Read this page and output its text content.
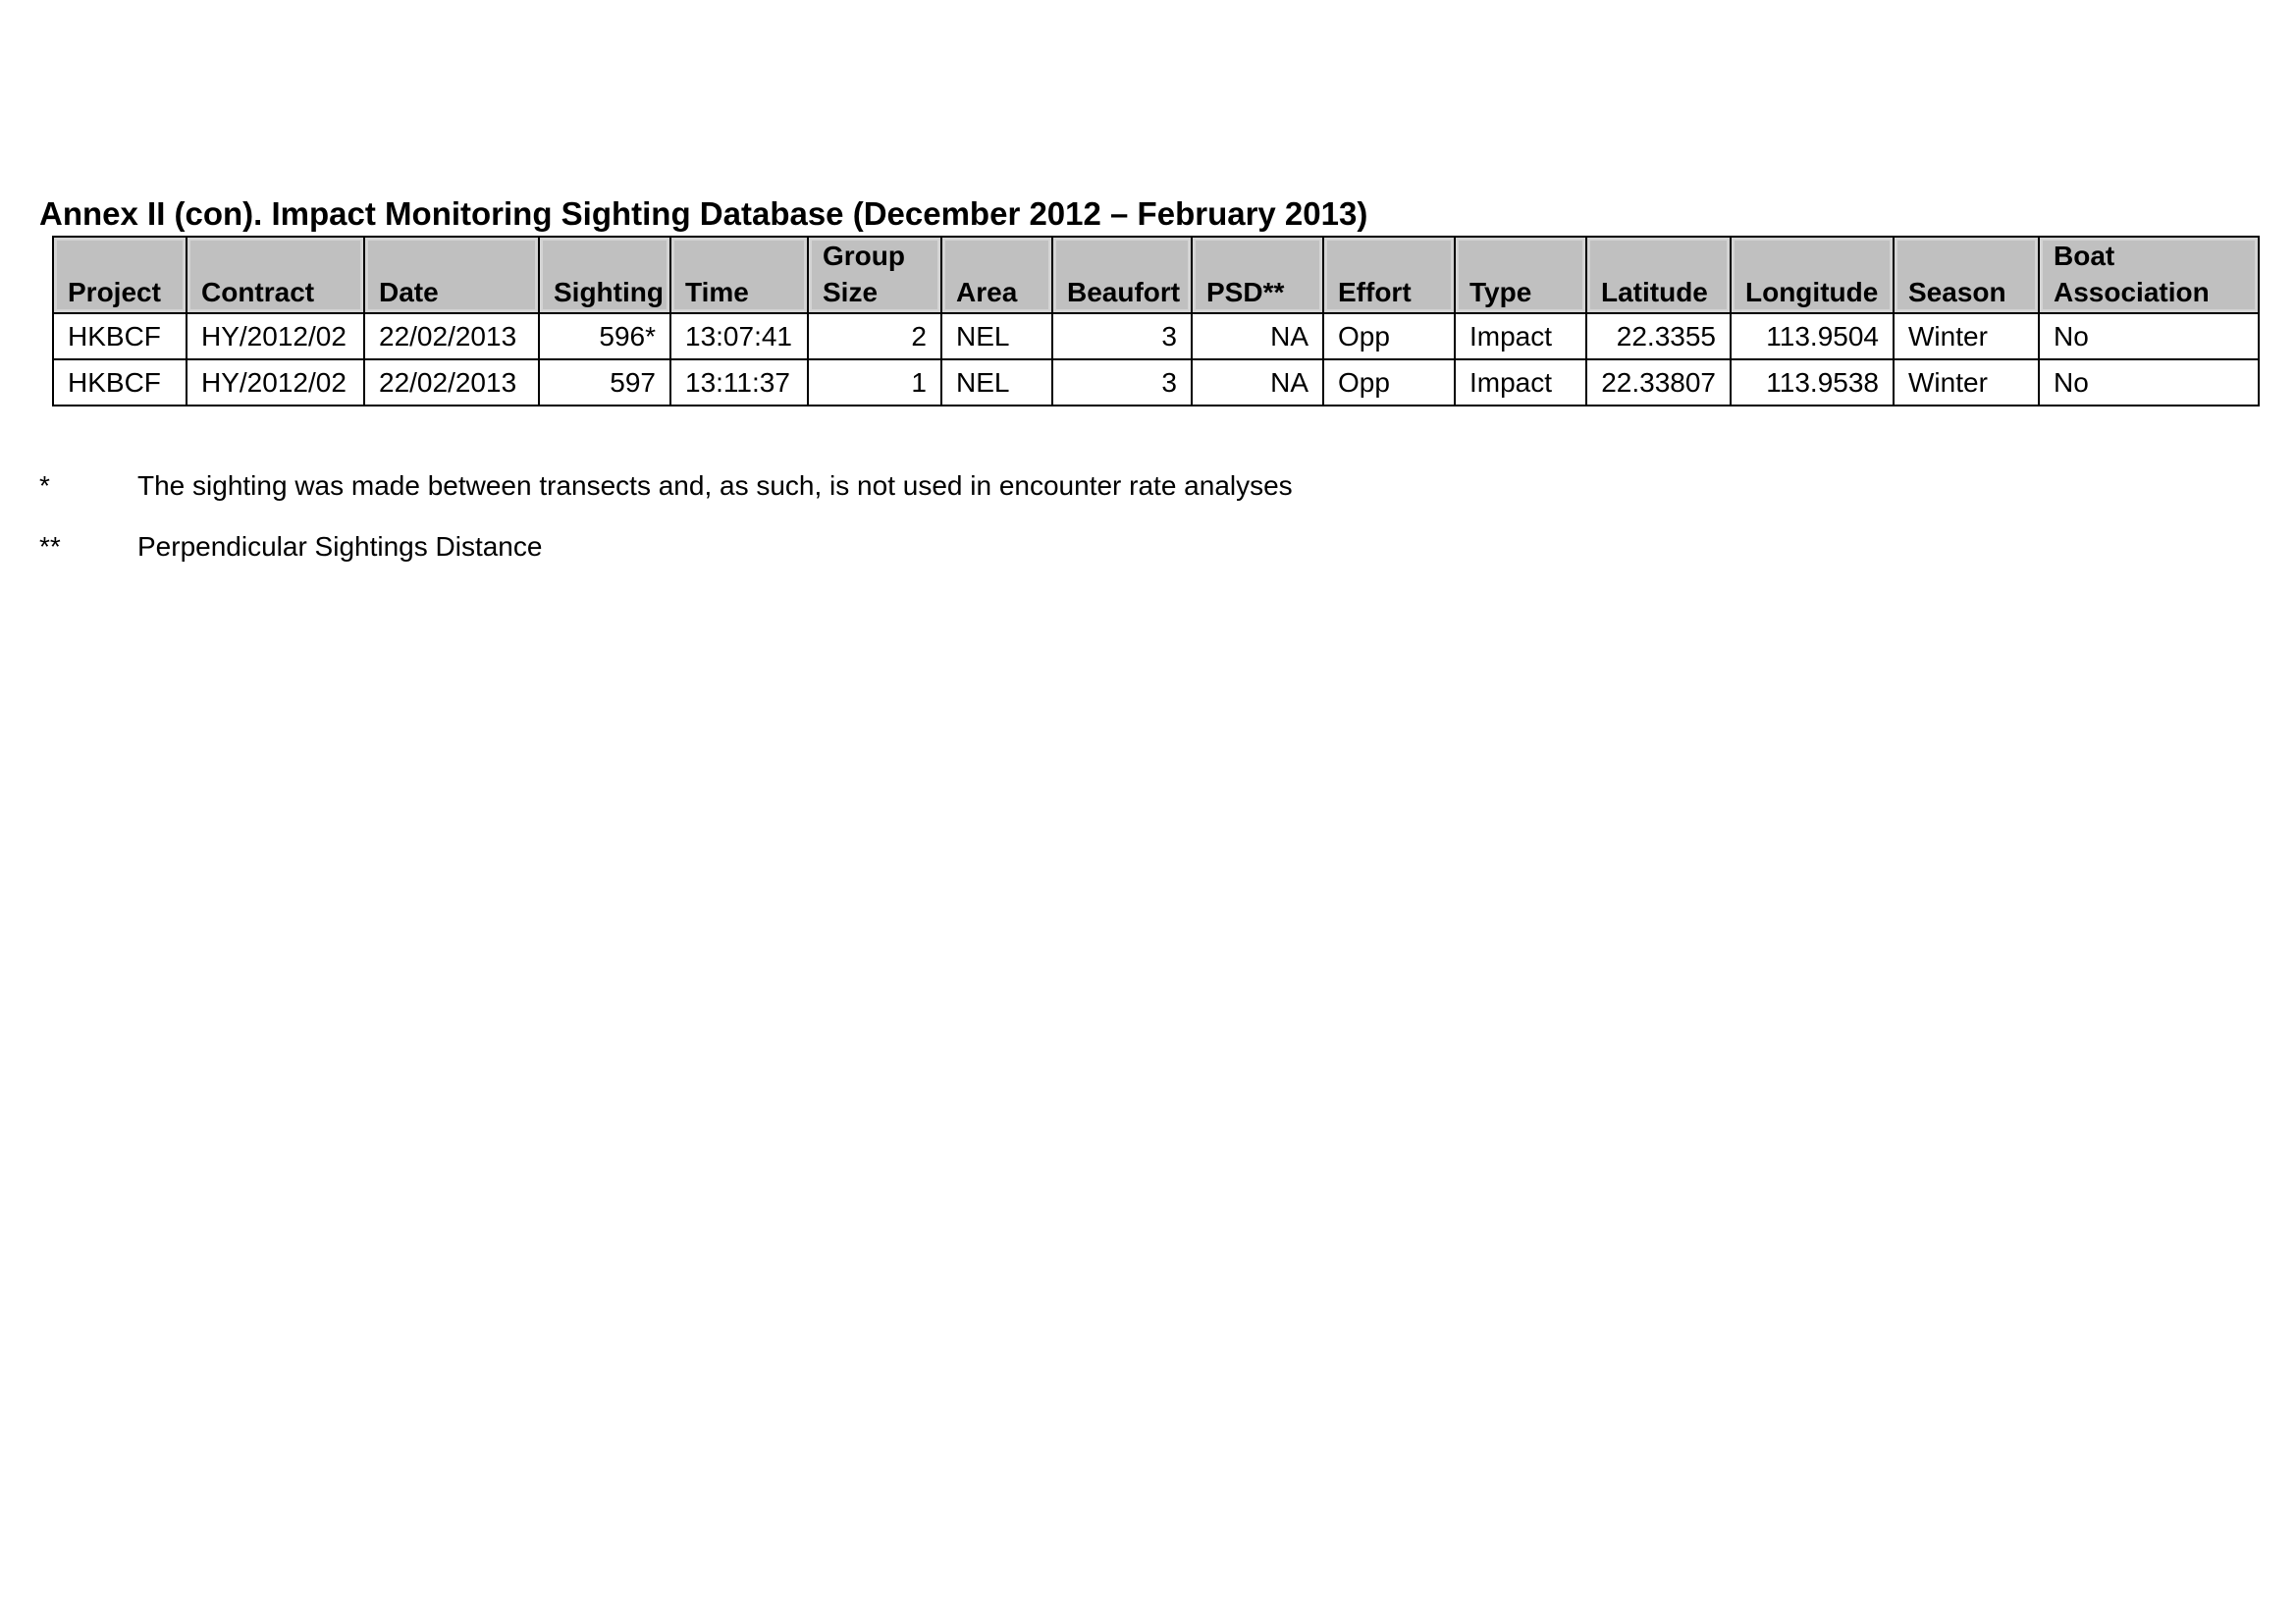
Annex II (con). Impact Monitoring Sighting Database (December 2012 – February 2013)
Project	Contract	Date	Sighting	Time	Group Size	Area	Beaufort	PSD**	Effort	Type	Latitude	Longitude	Season	Boat Association
HKBCF	HY/2012/02	22/02/2013	596*	13:07:41	2	NEL	3	NA	Opp	Impact	22.3355	113.9504	Winter	No
HKBCF	HY/2012/02	22/02/2013	597	13:11:37	1	NEL	3	NA	Opp	Impact	22.33807	113.9538	Winter	No
*	The sighting was made between transects and, as such, is not used in encounter rate analyses
**	Perpendicular Sightings Distance
